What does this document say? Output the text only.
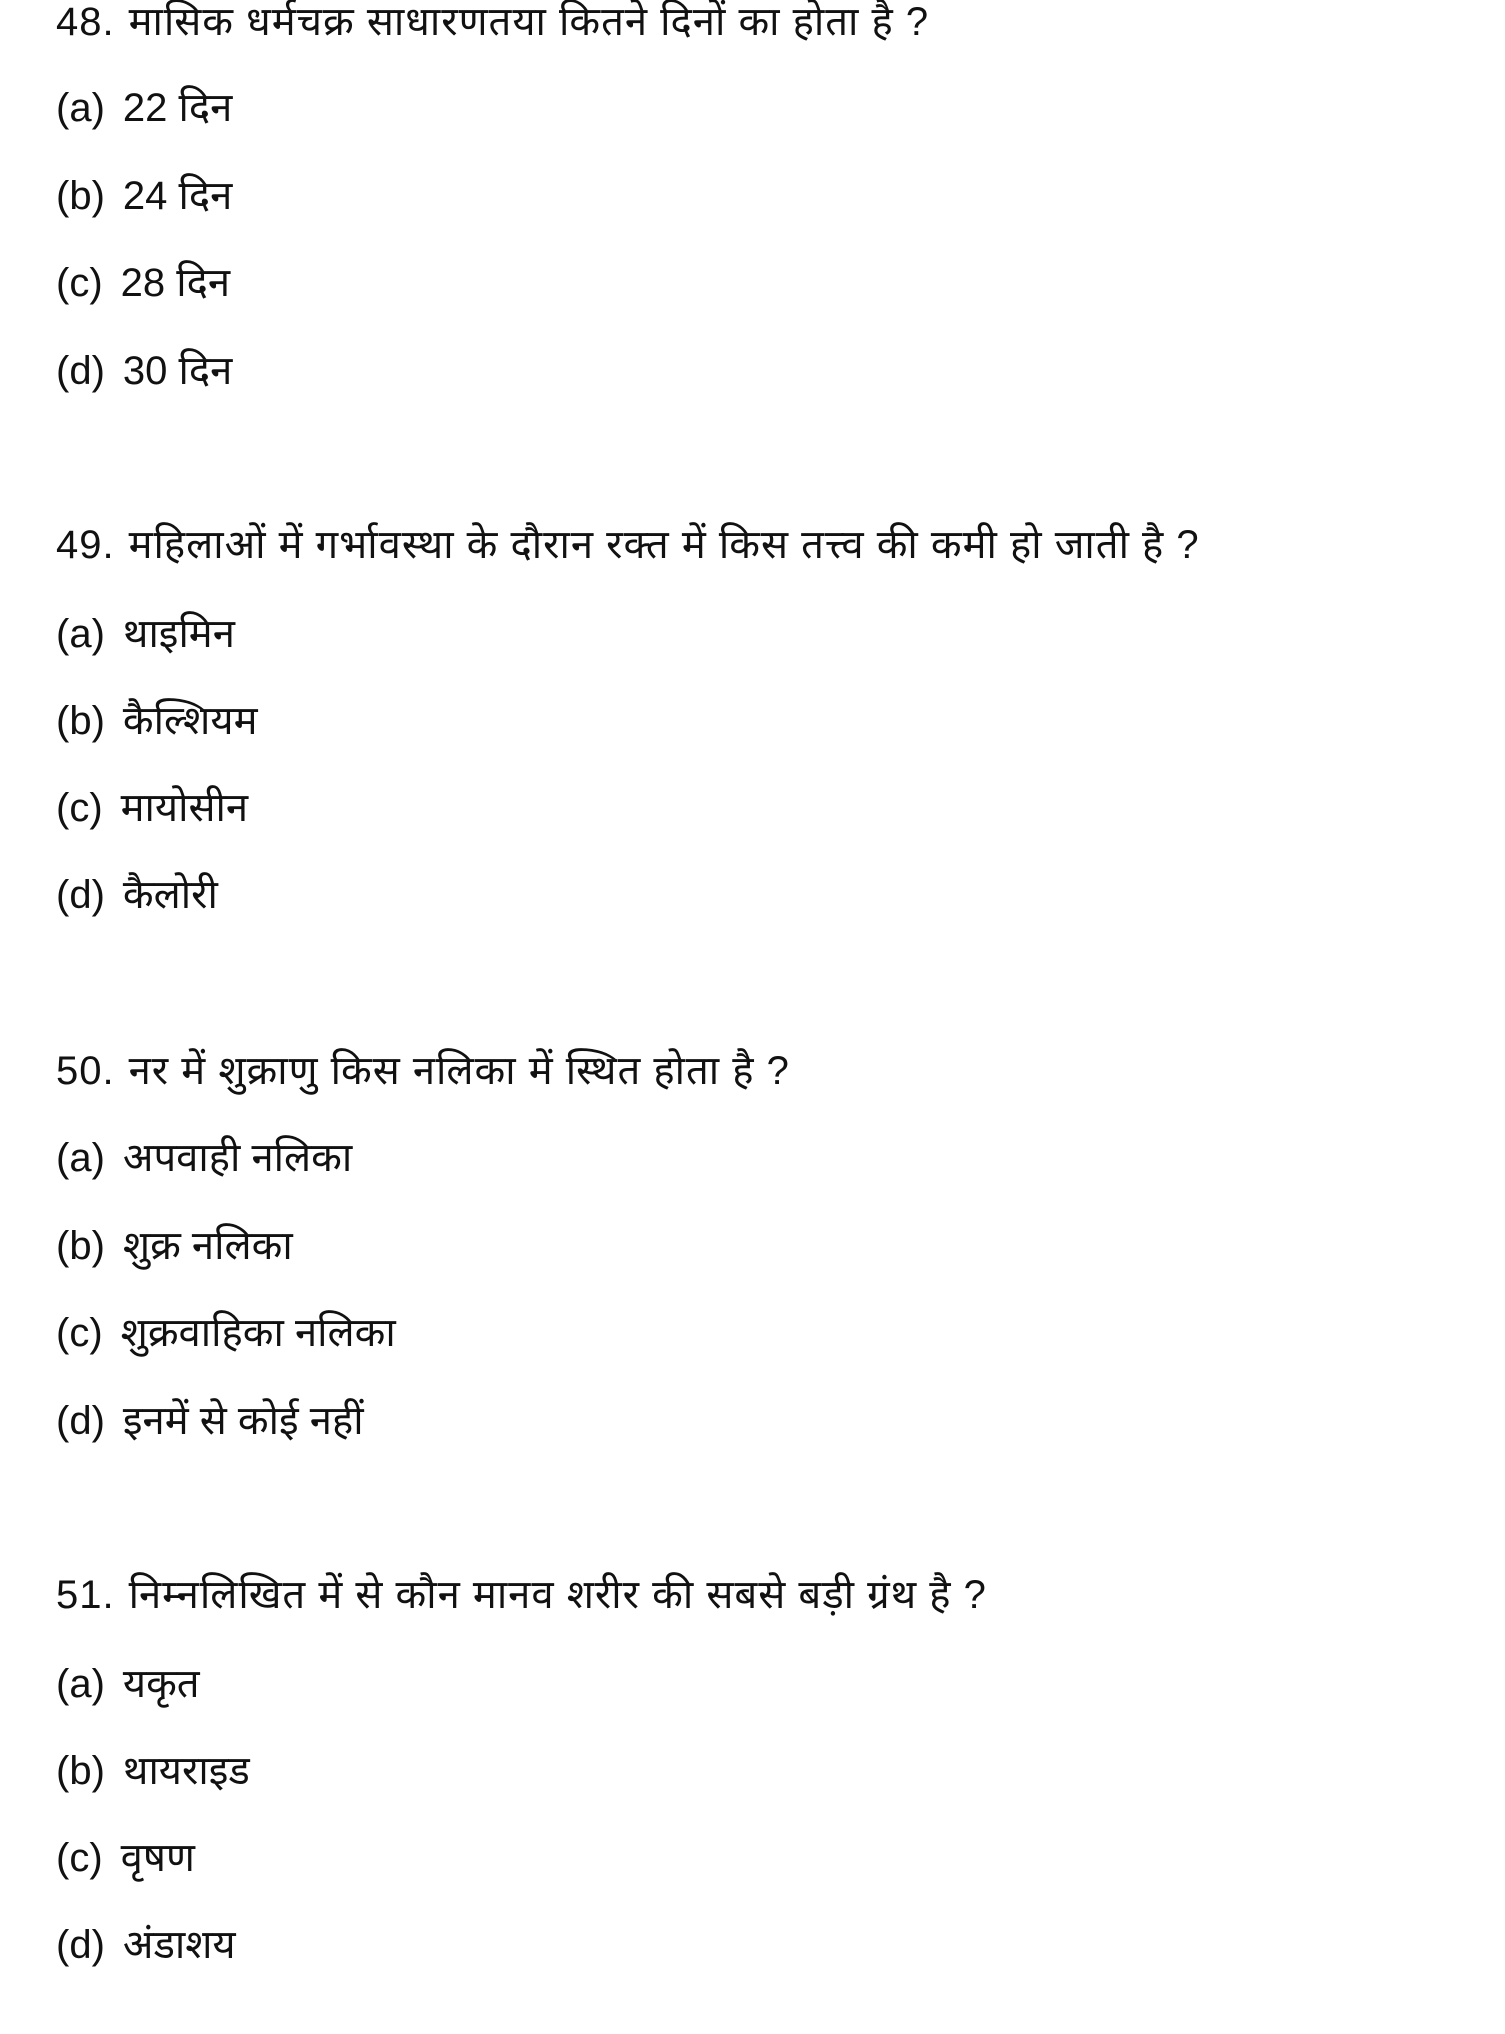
48. मासिक धर्मचक्र साधारणतया कितने दिनों का होता है ?
(a) 22 दिन
(b) 24 दिन
(c) 28 दिन
(d) 30 दिन
49. महिलाओं में गर्भावस्था के दौरान रक्त में किस तत्त्व की कमी हो जाती है ?
(a) थाइमिन
(b) कैल्शियम
(c) मायोसीन
(d) कैलोरी
50. नर में शुक्राणु किस नलिका में स्थित होता है ?
(a) अपवाही नलिका
(b) शुक्र नलिका
(c) शुक्रवाहिका नलिका
(d) इनमें से कोई नहीं
51. निम्नलिखित में से कौन मानव शरीर की सबसे बड़ी ग्रंथ है ?
(a) यकृत
(b) थायराइड
(c) वृषण
(d) अंडाशय
